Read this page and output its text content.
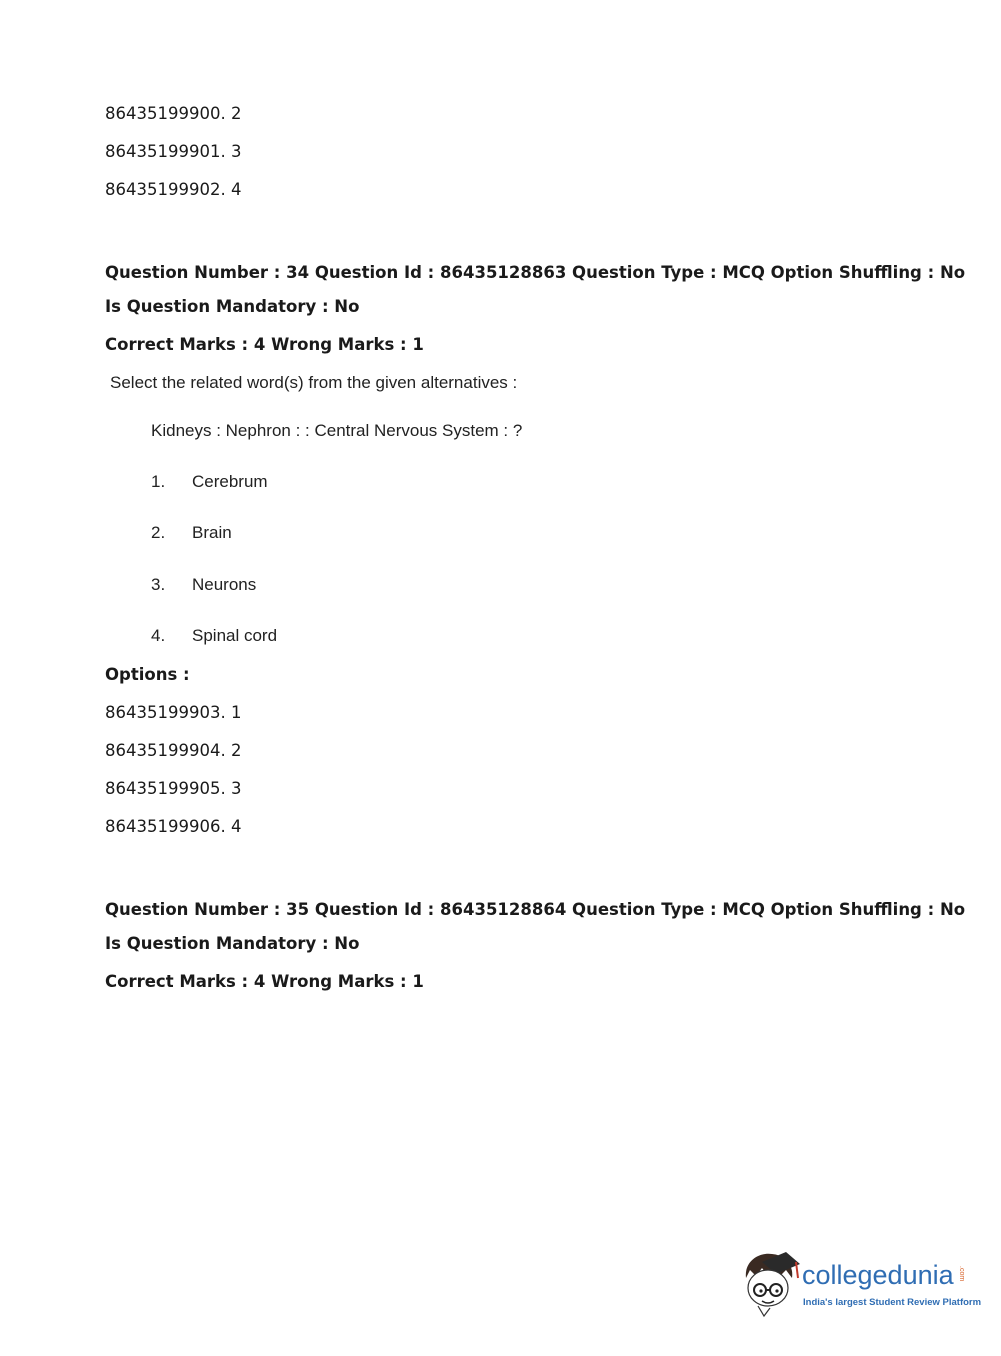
86435199900. 2
86435199901. 3
86435199902. 4
Question Number : 34 Question Id : 86435128863 Question Type : MCQ Option Shuffling : No
Is Question Mandatory : No
Correct Marks : 4 Wrong Marks : 1
Select the related word(s) from the given alternatives :
Kidneys : Nephron : : Central Nervous System : ?
1. Cerebrum
2. Brain
3. Neurons
4. Spinal cord
Options :
86435199903. 1
86435199904. 2
86435199905. 3
86435199906. 4
Question Number : 35 Question Id : 86435128864 Question Type : MCQ Option Shuffling : No
Is Question Mandatory : No
Correct Marks : 4 Wrong Marks : 1
collegedunia .com
India's largest Student Review Platform
